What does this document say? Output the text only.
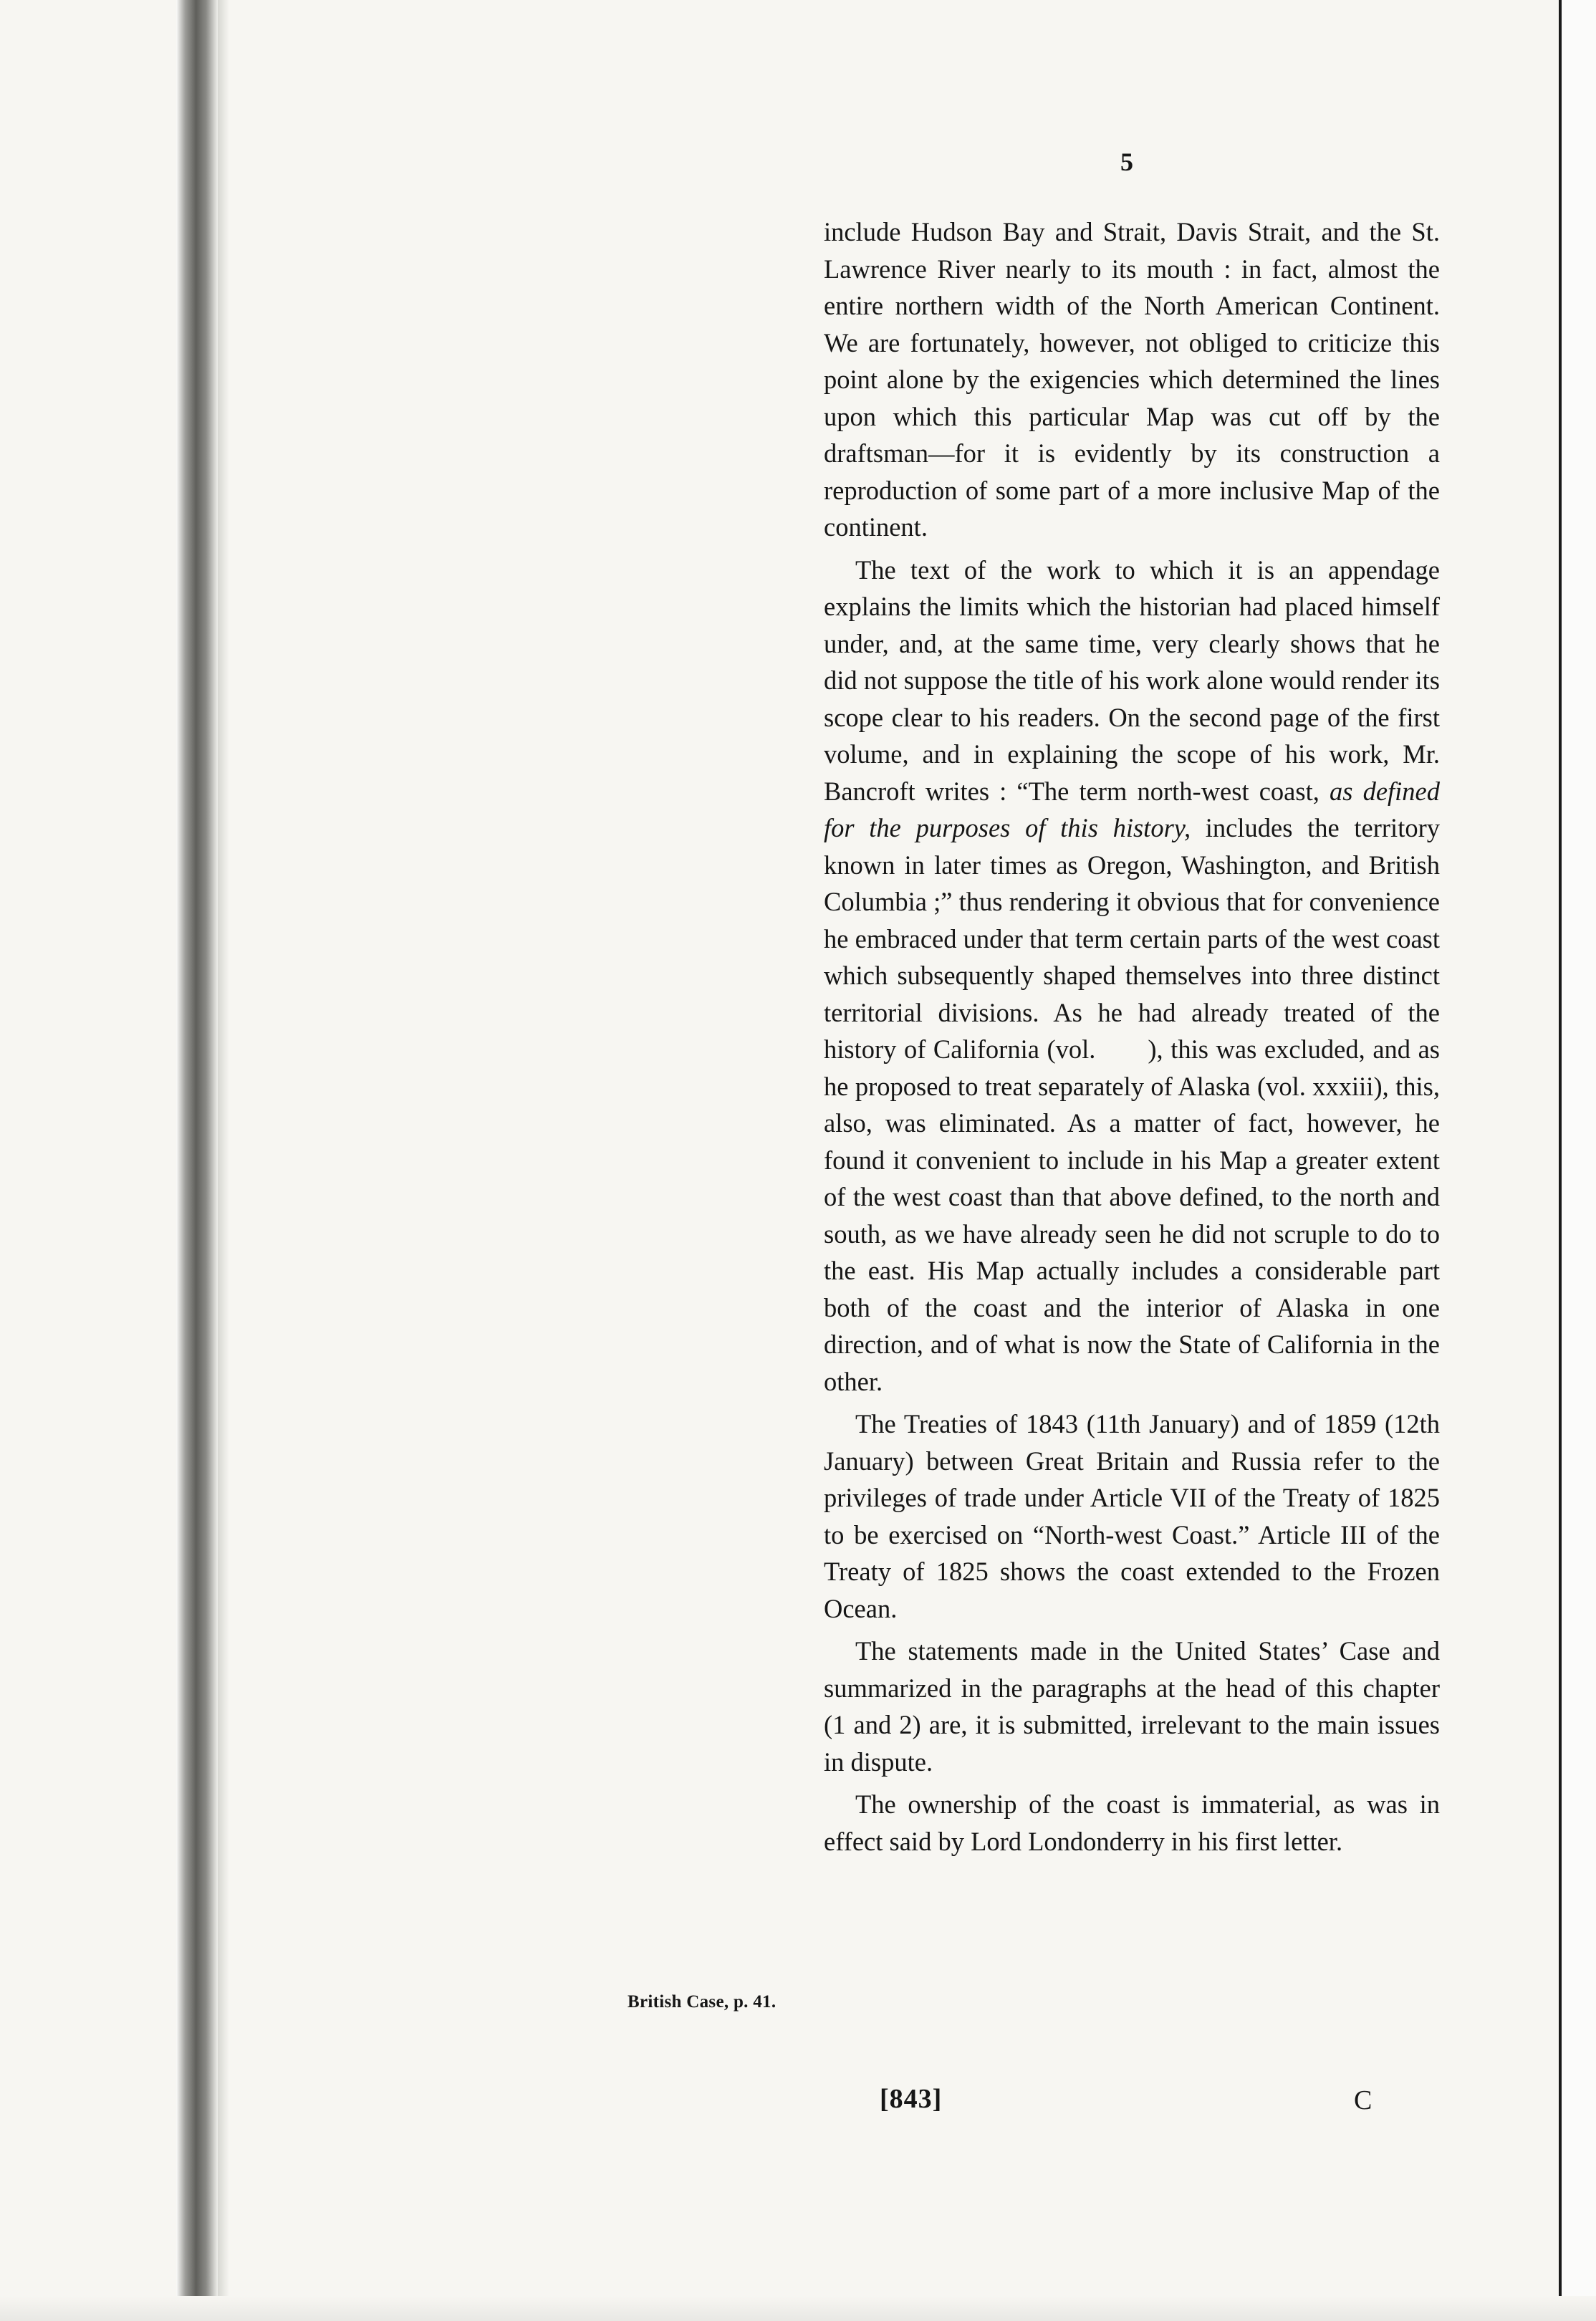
5

include Hudson Bay and Strait, Davis Strait, and the St. Lawrence River nearly to its mouth : in fact, almost the entire northern width of the North American Continent. We are fortunately, however, not obliged to criticize this point alone by the exigencies which determined the lines upon which this particular Map was cut off by the draftsman—for it is evidently by its construction a reproduction of some part of a more inclusive Map of the continent.

The text of the work to which it is an appendage explains the limits which the historian had placed himself under, and, at the same time, very clearly shows that he did not suppose the title of his work alone would render its scope clear to his readers. On the second page of the first volume, and in explaining the scope of his work, Mr. Bancroft writes : “The term north-west coast, as defined for the purposes of this history, includes the territory known in later times as Oregon, Washington, and British Columbia ;” thus rendering it obvious that for convenience he embraced under that term certain parts of the west coast which subsequently shaped themselves into three distinct territorial divisions. As he had already treated of the history of California (vol.  ), this was excluded, and as he proposed to treat separately of Alaska (vol. xxxiii), this, also, was eliminated. As a matter of fact, however, he found it convenient to include in his Map a greater extent of the west coast than that above defined, to the north and south, as we have already seen he did not scruple to do to the east. His Map actually includes a considerable part both of the coast and the interior of Alaska in one direction, and of what is now the State of California in the other.

The Treaties of 1843 (11th January) and of 1859 (12th January) between Great Britain and Russia refer to the privileges of trade under Article VII of the Treaty of 1825 to be exercised on “North-west Coast.” Article III of the Treaty of 1825 shows the coast extended to the Frozen Ocean.

The statements made in the United States’ Case and summarized in the paragraphs at the head of this chapter (1 and 2) are, it is submitted, irrelevant to the main issues in dispute.

The ownership of the coast is immaterial, as was in effect said by Lord Londonderry in his first letter.

British Case, p. 41.
[843]	C
